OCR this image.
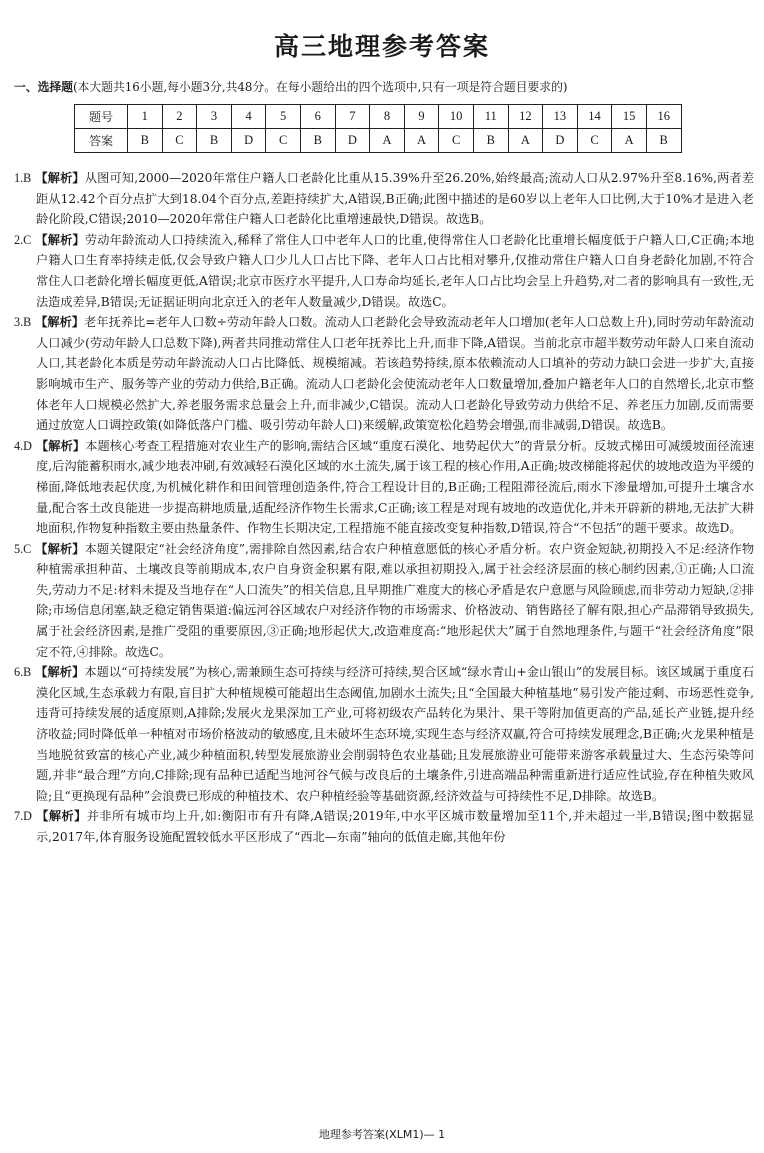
高三地理参考答案
一、选择题(本大题共16小题,每小题3分,共48分。在每小题给出的四个选项中,只有一项是符合题目要求的)
题号	1	2	3	4	5	6	7	8	9	10	11	12	13	14	15	16
答案	B	C	B	D	C	B	D	A	A	C	B	A	D	C	A	B

1.B 【解析】从图可知,2000—2020年常住户籍人口老龄化比重从15.39%升至26.20%,始终最高;流动人口从2.97%升至8.16%,两者差距从12.42个百分点扩大到18.04个百分点,差距持续扩大,A错误,B正确;此图中描述的是60岁以上老年人口比例,大于10%才是进入老龄化阶段,C错误;2010—2020年常住户籍人口老龄化比重增速最快,D错误。故选B。

2.C 【解析】劳动年龄流动人口持续流入,稀释了常住人口中老年人口的比重,使得常住人口老龄化比重增长幅度低于户籍人口,C正确;本地户籍人口生育率持续走低,仅会导致户籍人口少儿人口占比下降、老年人口占比相对攀升,仅推动常住户籍人口自身老龄化加剧,不符合常住人口老龄化增长幅度更低,A错误;北京市医疗水平提升,人口寿命均延长,老年人口占比均会呈上升趋势,对二者的影响具有一致性,无法造成差异,B错误;无证据证明向北京迁入的老年人数量减少,D错误。故选C。

3.B 【解析】老年抚养比=老年人口数÷劳动年龄人口数。流动人口老龄化会导致流动老年人口增加(老年人口总数上升),同时劳动年龄流动人口减少(劳动年龄人口总数下降),两者共同推动常住人口老年抚养比上升,而非下降,A错误。当前北京市超半数劳动年龄人口来自流动人口,其老龄化本质是劳动年龄流动人口占比降低、规模缩减。若该趋势持续,原本依赖流动人口填补的劳动力缺口会进一步扩大,直接影响城市生产、服务等产业的劳动力供给,B正确。流动人口老龄化会使流动老年人口数量增加,叠加户籍老年人口的自然增长,北京市整体老年人口规模必然扩大,养老服务需求总量会上升,而非减少,C错误。流动人口老龄化导致劳动力供给不足、养老压力加剧,反而需要通过放宽人口调控政策(如降低落户门槛、吸引劳动年龄人口)来缓解,政策宽松化趋势会增强,而非减弱,D错误。故选B。

4.D 【解析】本题核心考查工程措施对农业生产的影响,需结合区域“重度石漠化、地势起伏大”的背景分析。反坡式梯田可减缓坡面径流速度,后沟能蓄积雨水,减少地表冲刷,有效减轻石漠化区域的水土流失,属于该工程的核心作用,A正确;坡改梯能将起伏的坡地改造为平缓的梯面,降低地表起伏度,为机械化耕作和田间管理创造条件,符合工程设计目的,B正确;工程阻滞径流后,雨水下渗量增加,可提升土壤含水量,配合客土改良能进一步提高耕地质量,适配经济作物生长需求,C正确;该工程是对现有坡地的改造优化,并未开辟新的耕地,无法扩大耕地面积,作物复种指数主要由热量条件、作物生长期决定,工程措施不能直接改变复种指数,D错误,符合“不包括”的题干要求。故选D。

5.C 【解析】本题关键限定“社会经济角度”,需排除自然因素,结合农户种植意愿低的核心矛盾分析。农户资金短缺,初期投入不足:经济作物种植需承担种苗、土壤改良等前期成本,农户自身资金积累有限,难以承担初期投入,属于社会经济层面的核心制约因素,①正确;人口流失,劳动力不足:材料未提及当地存在“人口流失”的相关信息,且早期推广难度大的核心矛盾是农户意愿与风险顾虑,而非劳动力短缺,②排除;市场信息闭塞,缺乏稳定销售渠道:偏远河谷区域农户对经济作物的市场需求、价格波动、销售路径了解有限,担心产品滞销导致损失,属于社会经济因素,是推广受阻的重要原因,③正确;地形起伏大,改造难度高:“地形起伏大”属于自然地理条件,与题干“社会经济角度”限定不符,④排除。故选C。

6.B 【解析】本题以“可持续发展”为核心,需兼顾生态可持续与经济可持续,契合区域“绿水青山+金山银山”的发展目标。该区域属于重度石漠化区域,生态承载力有限,盲目扩大种植规模可能超出生态阈值,加剧水土流失;且“全国最大种植基地”易引发产能过剩、市场恶性竞争,违背可持续发展的适度原则,A排除;发展火龙果深加工产业,可将初级农产品转化为果汁、果干等附加值更高的产品,延长产业链,提升经济收益;同时降低单一种植对市场价格波动的敏感度,且未破坏生态环境,实现生态与经济双赢,符合可持续发展理念,B正确;火龙果种植是当地脱贫致富的核心产业,减少种植面积,转型发展旅游业会削弱特色农业基础;且发展旅游业可能带来游客承载量过大、生态污染等问题,并非“最合理”方向,C排除;现有品种已适配当地河谷气候与改良后的土壤条件,引进高端品种需重新进行适应性试验,存在种植失败风险;且“更换现有品种”会浪费已形成的种植技术、农户种植经验等基础资源,经济效益与可持续性不足,D排除。故选B。

7.D 【解析】并非所有城市均上升,如:衡阳市有升有降,A错误;2019年,中水平区城市数量增加至11个,并未超过一半,B错误;图中数据显示,2017年,体育服务设施配置较低水平区形成了“西北—东南”轴向的低值走廊,其他年份

地理参考答案(XLM1)— 1
